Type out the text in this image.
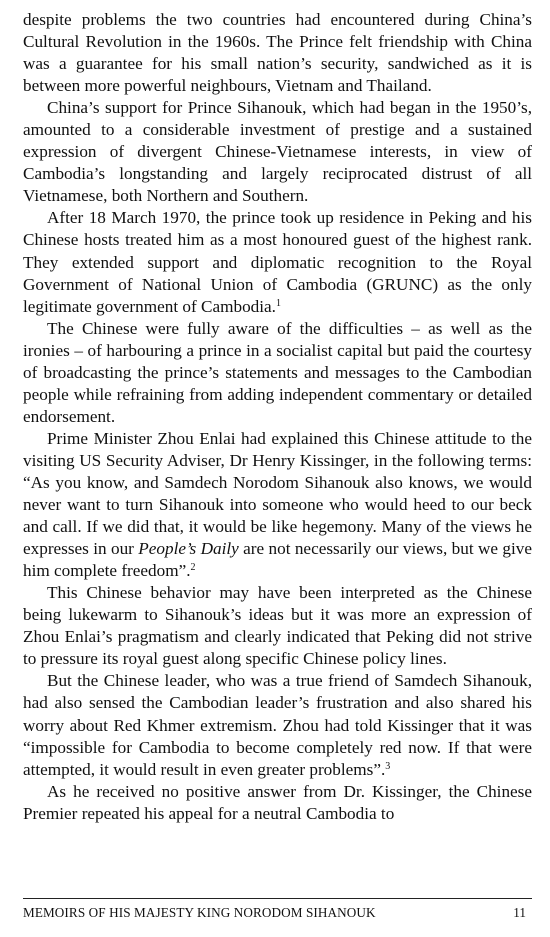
despite problems the two countries had encountered during China’s Cultural Revolution in the 1960s. The Prince felt friendship with China was a guarantee for his small nation’s security, sandwiched as it is between more powerful neighbours, Vietnam and Thailand.

China’s support for Prince Sihanouk, which had began in the 1950’s, amounted to a considerable investment of prestige and a sustained expression of divergent Chinese-Vietnamese interests, in view of Cambodia’s longstanding and largely reciprocated distrust of all Vietnamese, both Northern and Southern.

After 18 March 1970, the prince took up residence in Peking and his Chinese hosts treated him as a most honoured guest of the highest rank. They extended support and diplomatic recognition to the Royal Government of National Union of Cambodia (GRUNC) as the only legitimate government of Cambodia.$^1$

The Chinese were fully aware of the difficulties – as well as the ironies – of harbouring a prince in a socialist capital but paid the courtesy of broadcasting the prince’s statements and messages to the Cambodian people while refraining from adding independent commentary or detailed endorsement.

Prime Minister Zhou Enlai had explained this Chinese attitude to the visiting US Security Adviser, Dr Henry Kissinger, in the following terms: “As you know, and Samdech Norodom Sihanouk also knows, we would never want to turn Sihanouk into someone who would heed to our beck and call. If we did that, it would be like hegemony. Many of the views he expresses in our People’s Daily are not necessarily our views, but we give him complete freedom”.$^2$

This Chinese behavior may have been interpreted as the Chinese being lukewarm to Sihanouk’s ideas but it was more an expression of Zhou Enlai’s pragmatism and clearly indicated that Peking did not strive to pressure its royal guest along specific Chinese policy lines.

But the Chinese leader, who was a true friend of Samdech Sihanouk, had also sensed the Cambodian leader’s frustration and also shared his worry about Red Khmer extremism. Zhou had told Kissinger that it was “impossible for Cambodia to become completely red now. If that were attempted, it would result in even greater problems”.$^3$

As he received no positive answer from Dr. Kissinger, the Chinese Premier repeated his appeal for a neutral Cambodia to

MEMOIRS OF HIS MAJESTY KING NORODOM SIHANOUK	11
